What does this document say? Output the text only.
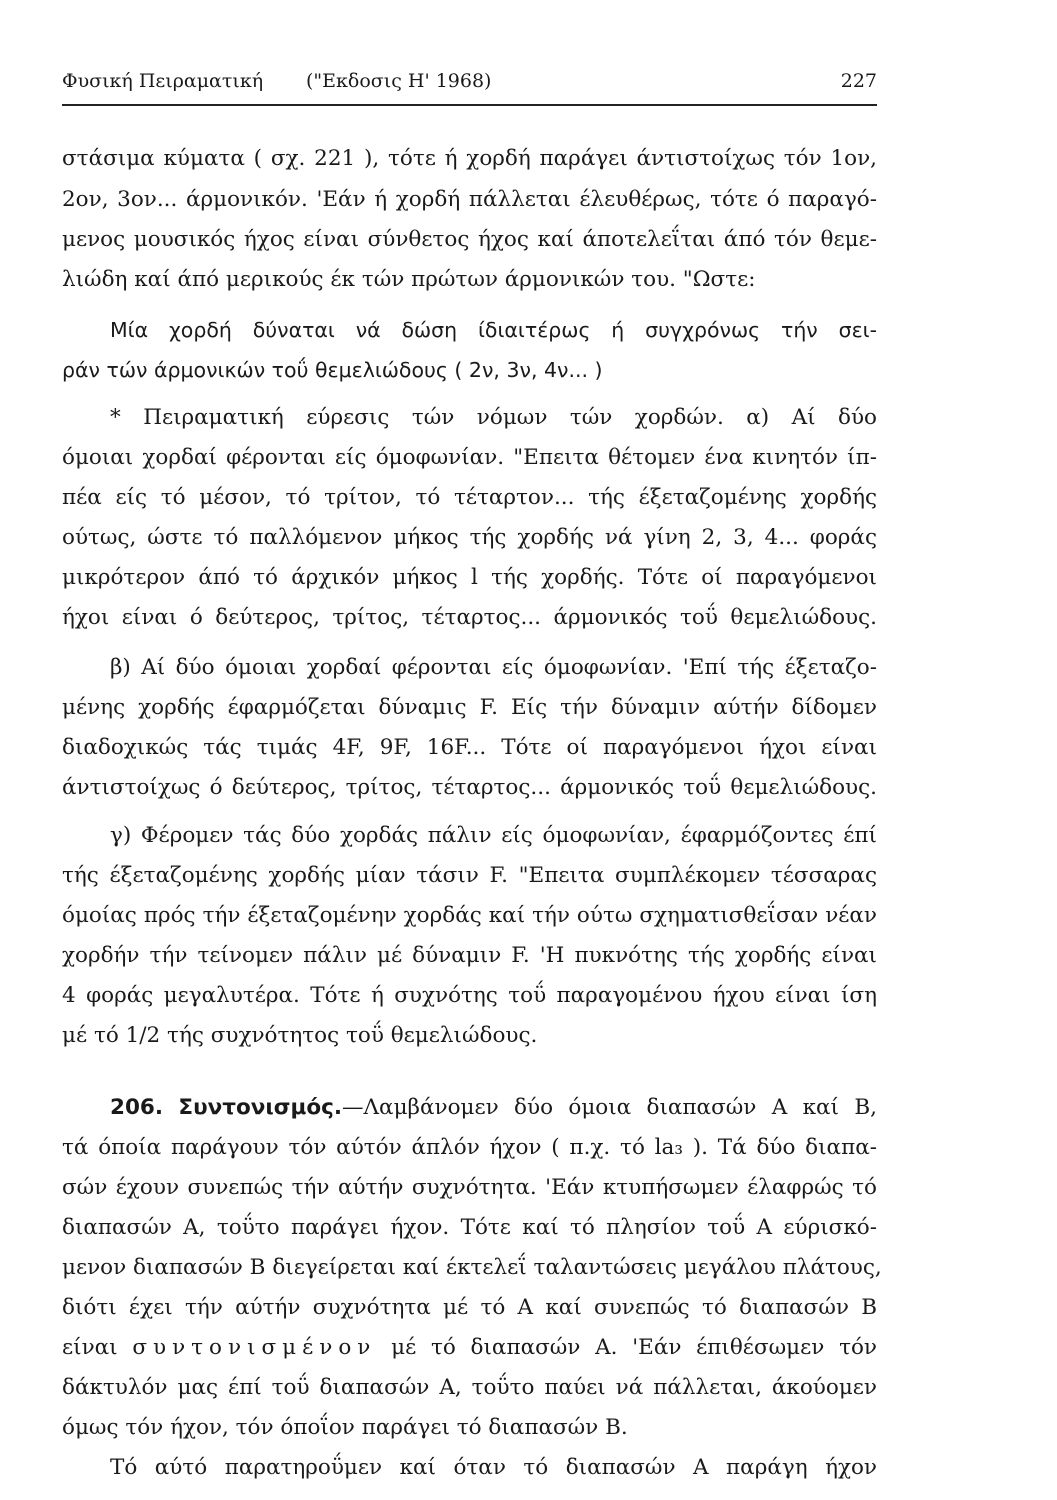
Φυσική Πειραματική ("Εκδοσις Η' 1968)	227
στάσιμα κύματα ( σχ. 221 ), τότε ή χορδή παράγει άντιστοίχως τόν 1ον,
2ον, 3ον... άρμονικόν. 'Εάν ή χορδή πάλλεται έλευθέρως, τότε ό παραγό-
μενος μουσικός ήχος είναι σύνθετος ήχος καί άποτελεΐται άπό τόν θεμε-
λιώδη καί άπό μερικούς έκ τών πρώτων άρμονικών του. "Ωστε:
Μία χορδή δύναται νά δώση ίδιαιτέρως ή συγχρόνως τήν σει-
ράν τών άρμονικών τοΰ θεμελιώδους ( 2ν, 3ν, 4ν... )
* Πειραματική εύρεσις τών νόμων τών χορδών. α) Αί δύο
όμοιαι χορδαί φέρονται είς όμοφωνίαν. "Επειτα θέτομεν ένα κινητόν ίπ-
πέα είς τό μέσον, τό τρίτον, τό τέταρτον... τής έξεταζομένης χορδής
ούτως, ώστε τό παλλόμενον μήκος τής χορδής νά γίνη 2, 3, 4... φοράς
μικρότερον άπό τό άρχικόν μήκος l τής χορδής. Τότε οί παραγόμενοι
ήχοι είναι ό δεύτερος, τρίτος, τέταρτος... άρμονικός τοΰ θεμελιώδους.
β) Αί δύο όμοιαι χορδαί φέρονται είς όμοφωνίαν. 'Επί τής έξεταζο-
μένης χορδής έφαρμόζεται δύναμις F. Είς τήν δύναμιν αύτήν δίδομεν
διαδοχικώς τάς τιμάς 4F, 9F, 16F... Τότε οί παραγόμενοι ήχοι είναι
άντιστοίχως ό δεύτερος, τρίτος, τέταρτος... άρμονικός τοΰ θεμελιώδους.
γ) Φέρομεν τάς δύο χορδάς πάλιν είς όμοφωνίαν, έφαρμόζοντες έπί
τής έξεταζομένης χορδής μίαν τάσιν F. "Επειτα συμπλέκομεν τέσσαρας
όμοίας πρός τήν έξεταζομένην χορδάς καί τήν ούτω σχηματισθεΐσαν νέαν
χορδήν τήν τείνομεν πάλιν μέ δύναμιν F. 'Η πυκνότης τής χορδής είναι
4 φοράς μεγαλυτέρα. Τότε ή συχνότης τοΰ παραγομένου ήχου είναι ίση
μέ τό 1/2 τής συχνότητος τοΰ θεμελιώδους.
206. Συντονισμός.—Λαμβάνομεν δύο όμοια διαπασών Α καί Β,
τά όποία παράγουν τόν αύτόν άπλόν ήχον ( π.χ. τό la₃ ). Τά δύο διαπα-
σών έχουν συνεπώς τήν αύτήν συχνότητα. 'Εάν κτυπήσωμεν έλαφρώς τό
διαπασών Α, τοΰτο παράγει ήχον. Τότε καί τό πλησίον τοΰ Α εύρισκό-
μενον διαπασών Β διεγείρεται καί έκτελεΐ ταλαντώσεις μεγάλου πλάτους,
διότι έχει τήν αύτήν συχνότητα μέ τό Α καί συνεπώς τό διαπασών Β
είναι συντονισμένον μέ τό διαπασών Α. 'Εάν έπιθέσωμεν τόν
δάκτυλόν μας έπί τοΰ διαπασών Α, τοΰτο παύει νά πάλλεται, άκούομεν
όμως τόν ήχον, τόν όποΐον παράγει τό διαπασών Β.
Τό αύτό παρατηροΰμεν καί όταν τό διαπασών Α παράγη ήχον
